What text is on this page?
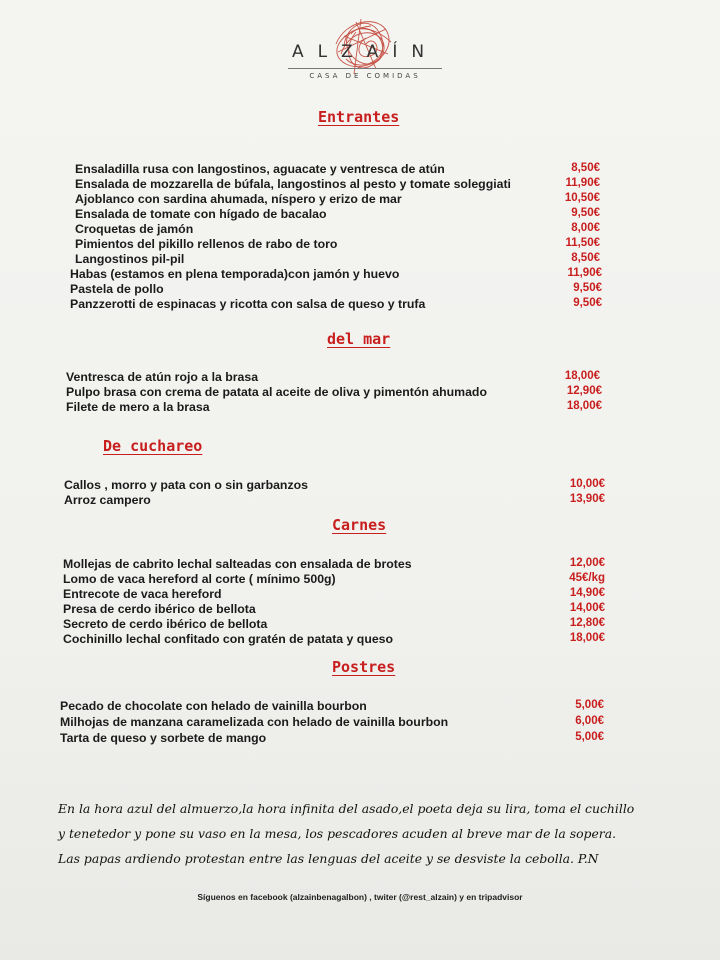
ALZAÍN
CASA DE COMIDAS
Entrantes
Ensaladilla rusa con langostinos, aguacate y ventresca de atún	8,50€
Ensalada de mozzarella de búfala, langostinos al pesto y tomate soleggiati	11,90€
Ajoblanco con sardina ahumada, níspero y erizo de mar	10,50€
Ensalada de tomate con hígado de bacalao	9,50€
Croquetas de jamón	8,00€
Pimientos del pikillo rellenos de rabo de toro	11,50€
Langostinos pil-pil	8,50€
Habas (estamos en plena temporada)con jamón y huevo	11,90€
Pastela de pollo	9,50€
Panzzerotti de espinacas y ricotta con salsa de queso y trufa	9,50€
del mar
Ventresca de atún rojo a la brasa	18,00€
Pulpo brasa con crema de patata al aceite de oliva y pimentón ahumado	12,90€
Filete de mero a la brasa	18,00€
De cuchareo
Callos , morro y pata con o sin garbanzos	10,00€
Arroz campero	13,90€
Carnes
Mollejas de cabrito lechal salteadas con ensalada de brotes	12,00€
Lomo de vaca hereford al corte ( mínimo 500g)	45€/kg
Entrecote de vaca hereford	14,90€
Presa de cerdo ibérico de bellota	14,00€
Secreto de cerdo ibérico de bellota	12,80€
Cochinillo lechal confitado con gratén de patata y queso	18,00€
Postres
Pecado de chocolate con helado de vainilla bourbon	5,00€
Milhojas de manzana caramelizada con helado de vainilla bourbon	6,00€
Tarta de queso y sorbete de mango	5,00€
En la hora azul del almuerzo,la hora infinita del asado,el poeta deja su lira, toma el cuchillo
y tenetedor y pone su vaso en la mesa, los pescadores acuden al breve mar de la sopera.
Las papas ardiendo protestan entre las lenguas del aceite y se desviste la cebolla. P.N
Síguenos en facebook (alzainbenagalbon) , twiter (@rest_alzain) y en tripadvisor
